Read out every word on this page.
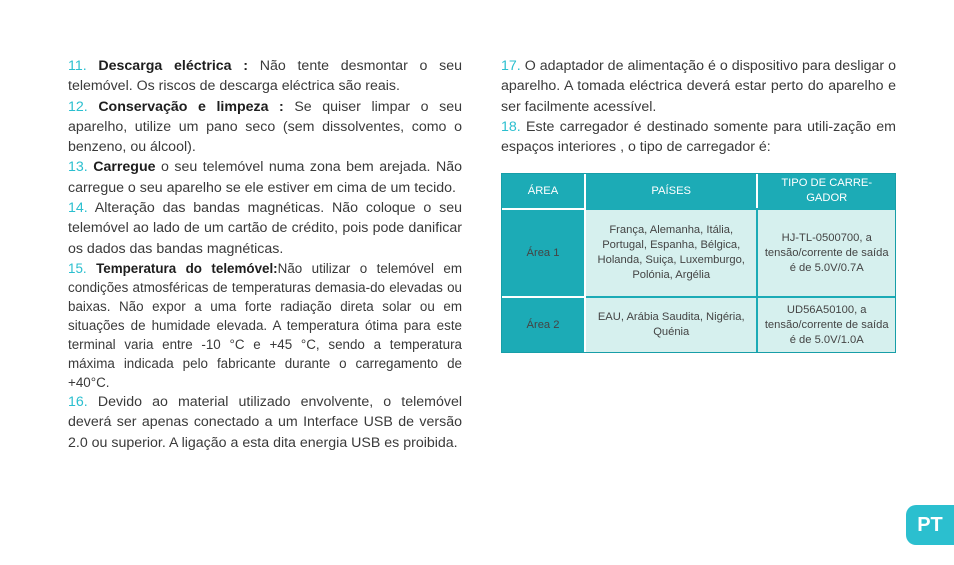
11. Descarga eléctrica : Não tente desmontar o seu telemóvel. Os riscos de descarga eléctrica são reais.

12. Conservação e limpeza : Se quiser limpar o seu aparelho, utilize um pano seco (sem dissolventes, como o benzeno, ou álcool).

13. Carregue o seu telemóvel numa zona bem arejada. Não carregue o seu aparelho se ele estiver em cima de um tecido.

14. Alteração das bandas magnéticas. Não coloque o seu telemóvel ao lado de um cartão de crédito, pois pode danificar os dados das bandas magnéticas.

15. Temperatura do telemóvel:Não utilizar o telemóvel em condições atmosféricas de temperaturas demasia-do elevadas ou baixas. Não expor a uma forte radiação direta solar ou em situações de humidade elevada. A temperatura ótima para este terminal varia entre -10 °C e +45 °C, sendo a temperatura máxima indicada pelo fabricante durante o carregamento de +40°C.

16. Devido ao material utilizado envolvente, o telemóvel deverá ser apenas conectado a um Interface USB de versão 2.0 ou superior. A ligação a esta dita energia USB es proibida.

17. O adaptador de alimentação é o dispositivo para desligar o aparelho. A tomada eléctrica deverá estar perto do aparelho e ser facilmente acessível.

18. Este carregador é destinado somente para utili-zação em espaços interiores , o tipo de carregador é:

ÁREA	PAÍSES	TIPO DE CARRE-GADOR
Área 1	França, Alemanha, Itália, Portugal, Espanha, Bélgica, Holanda, Suiça, Luxemburgo, Polónia, Argélia	HJ-TL-0500700, a tensão/corrente de saída é de 5.0V/0.7A
Área 2	EAU, Arábia Saudita, Nigéria, Quénia	UD56A50100, a tensão/corrente de saída é de 5.0V/1.0A
PT
